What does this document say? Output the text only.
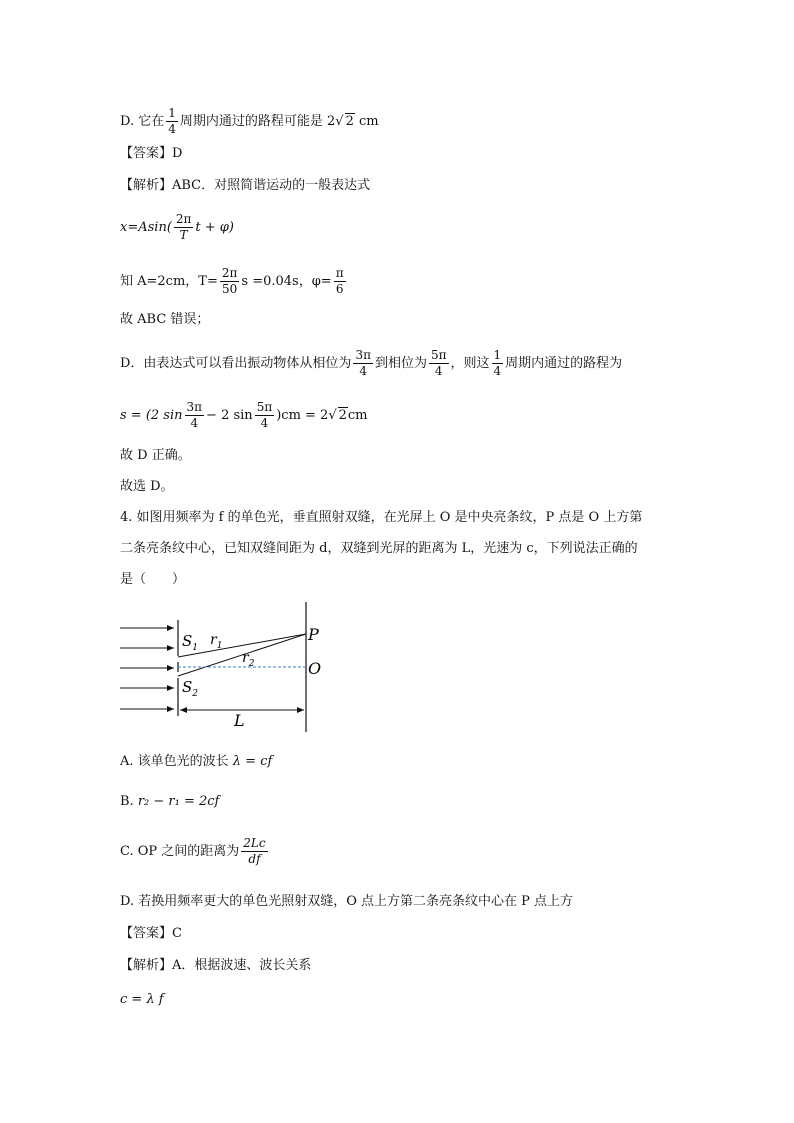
D. 它在 $\frac{1}{4}$ 周期内通过的路程可能是 2√ 2 cm
【答案】D
【解析】ABC．对照简谐运动的一般表达式
$x=Asin( \frac{2\pi}{T}$ t + φ)
知 A=2cm，$T= \frac{2\pi}{50}$ s =0.04s，$\varphi= \frac{\pi}{6}$
故 ABC 错误；
D．由表达式可以看出振动物体从相位为 $\frac{3\pi}{4}$ 到相位为 $\frac{5\pi}{4}$ ，则这 $\frac{1}{4}$ 周期内通过的路程为
s = (2 $\sin \frac{3\pi}{4} - 2$ $\sin \frac{5\pi}{4} )cm = 2√$ 2cm
故 D 正确。
故选 D。
4. 如图用频率为 f 的单色光，垂直照射双缝，在光屏上 O 是中央亮条纹，P 点是 O 上方第
二条亮条纹中心，已知双缝间距为 d，双缝到光屏的距离为 L，光速为 c，下列说法正确的
是（　　）
$S_1$ $r_1$
$r_2$
$S_2$
P
O
L
A. 该单色光的波长 λ = cf
B. r₂ − r₁ = 2cf
C. OP 之间的距离为 $\frac{2Lc}{df}$
D. 若换用频率更大的单色光照射双缝，O 点上方第二条亮条纹中心在 P 点上方
【答案】C
【解析】A．根据波速、波长关系
c = λ f
